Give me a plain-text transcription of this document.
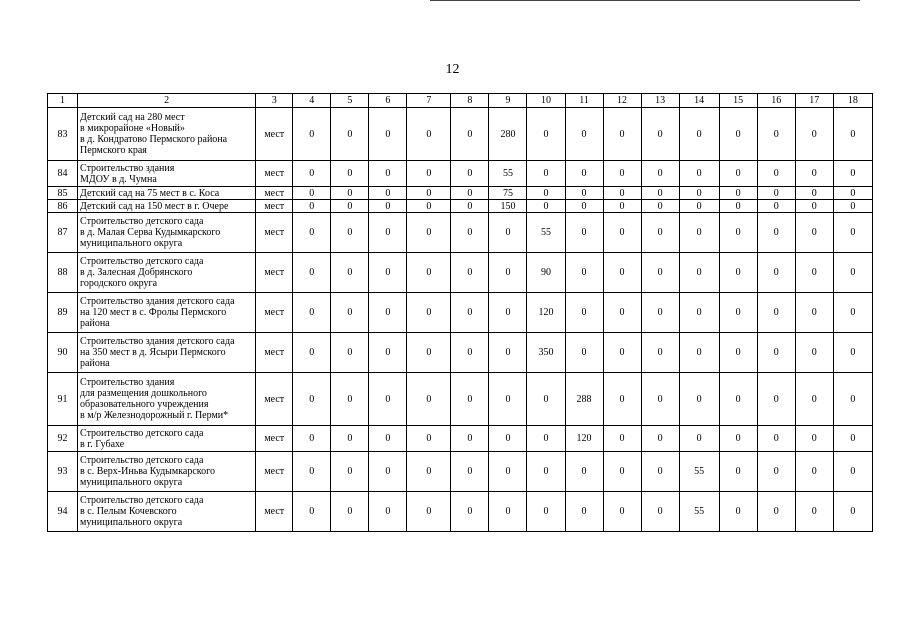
12
1	2	3	4	5	6	7	8	9	10	11	12	13	14	15	16	17	18
83	Детский сад на 280 мест
в микрорайоне «Новый»
в д. Кондратово Пермского района
Пермского края	мест	0	0	0	0	0	280	0	0	0	0	0	0	0	0	0
84	Строительство здания
МДОУ в д. Чумна	мест	0	0	0	0	0	55	0	0	0	0	0	0	0	0	0
85	Детский сад на 75 мест в с. Коса	мест	0	0	0	0	0	75	0	0	0	0	0	0	0	0	0
86	Детский сад на 150 мест в г. Очере	мест	0	0	0	0	0	150	0	0	0	0	0	0	0	0	0
87	Строительство детского сада
в д. Малая Серва Кудымкарского
муниципального округа	мест	0	0	0	0	0	0	55	0	0	0	0	0	0	0	0
88	Строительство детского сада
в д. Залесная Добрянского
городского округа	мест	0	0	0	0	0	0	90	0	0	0	0	0	0	0	0
89	Строительство здания детского сада
на 120 мест в с. Фролы Пермского
района	мест	0	0	0	0	0	0	120	0	0	0	0	0	0	0	0
90	Строительство здания детского сада
на 350 мест в д. Ясыри Пермского
района	мест	0	0	0	0	0	0	350	0	0	0	0	0	0	0	0
91	Строительство здания
для размещения дошкольного
образовательного учреждения
в м/р Железнодорожный г. Перми*	мест	0	0	0	0	0	0	0	288	0	0	0	0	0	0	0
92	Строительство детского сада
в г. Губахе	мест	0	0	0	0	0	0	0	120	0	0	0	0	0	0	0
93	Строительство детского сада
в с. Верх-Иньва Кудымкарского
муниципального округа	мест	0	0	0	0	0	0	0	0	0	0	55	0	0	0	0
94	Строительство детского сада
в с. Пелым Кочевского
муниципального округа	мест	0	0	0	0	0	0	0	0	0	0	55	0	0	0	0
